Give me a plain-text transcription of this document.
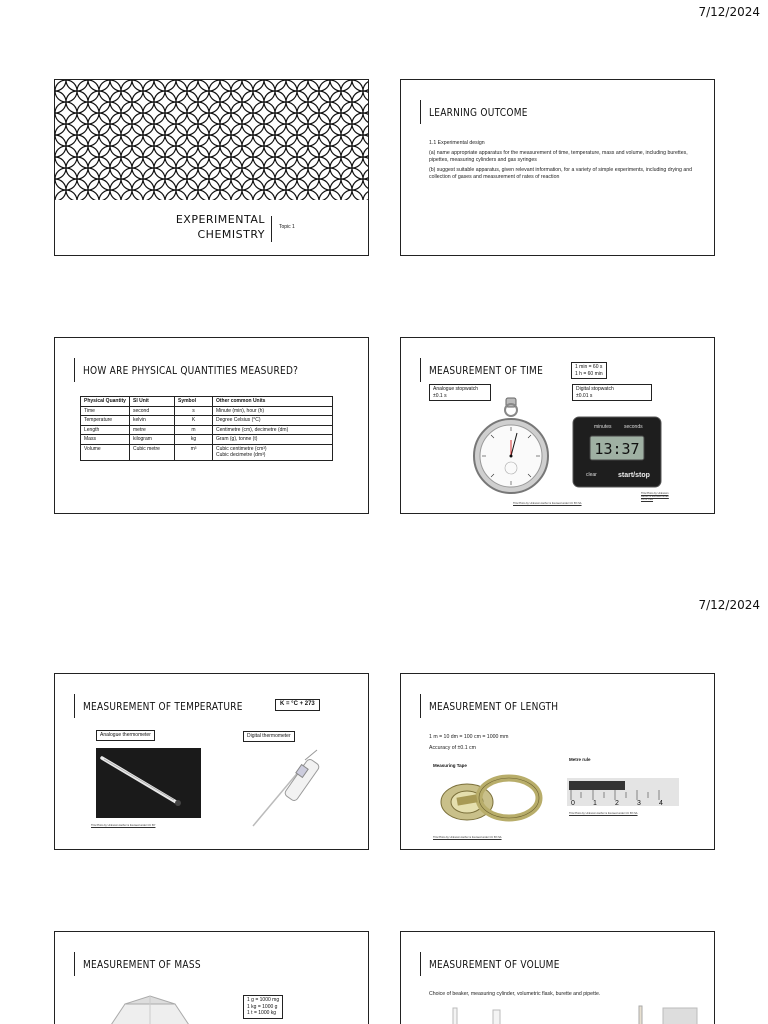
7/12/2024
7/12/2024
EXPERIMENTAL
CHEMISTRY
Topic 1
LEARNING OUTCOME
1.1 Experimental design
(a) name appropriate apparatus for the measurement of time, temperature, mass and volume, including burettes, pipettes, measuring cylinders and gas syringes
(b) suggest suitable apparatus, given relevant information, for a variety of simple experiments, including drying and collection of gases and measurement of rates of reaction
HOW ARE PHYSICAL QUANTITIES MEASURED?
Physical Quantity	SI Unit	Symbol	Other common Units
Time	second	s	Minute (min), hour (h)
Temperature	kelvin	K	Degree Celsius (°C)
Length	metre	m	Centimetre (cm), decimetre (dm)
Mass	kilogram	kg	Gram (g), tonne (t)
Volume	Cubic metre	m³	Cubic centimetre (cm³)
Cubic decimetre (dm³)
MEASUREMENT OF TIME	1 min = 60 s
1 h = 60 min
Analogue stopwatch
±0.1 s
Digital stopwatch
±0.01 s
13:37
minutes seconds
clear	start/stop
This Photo by Unknown Author is licensed under CC BY-SA
This Photo by Unknown Author is licensed under CC BY-SA
MEASUREMENT OF TEMPERATURE	K = °C + 273
Analogue thermometer	Digital thermometer
This Photo by Unknown Author is licensed under CC BY
MEASUREMENT OF LENGTH
1 m = 10 dm = 100 cm = 1000 mm
Accuracy of ±0.1 cm
Measuring Tape
Metre rule
0	1	2	3	4
This Photo by Unknown Author is licensed under CC BY-SA
This Photo by Unknown Author is licensed under CC BY-SA
MEASUREMENT OF MASS
1 g = 1000 mg
1 kg = 1000 g
1 t = 1000 kg
MEASUREMENT OF VOLUME
Choice of beaker, measuring cylinder, volumetric flask, burette and pipette.
